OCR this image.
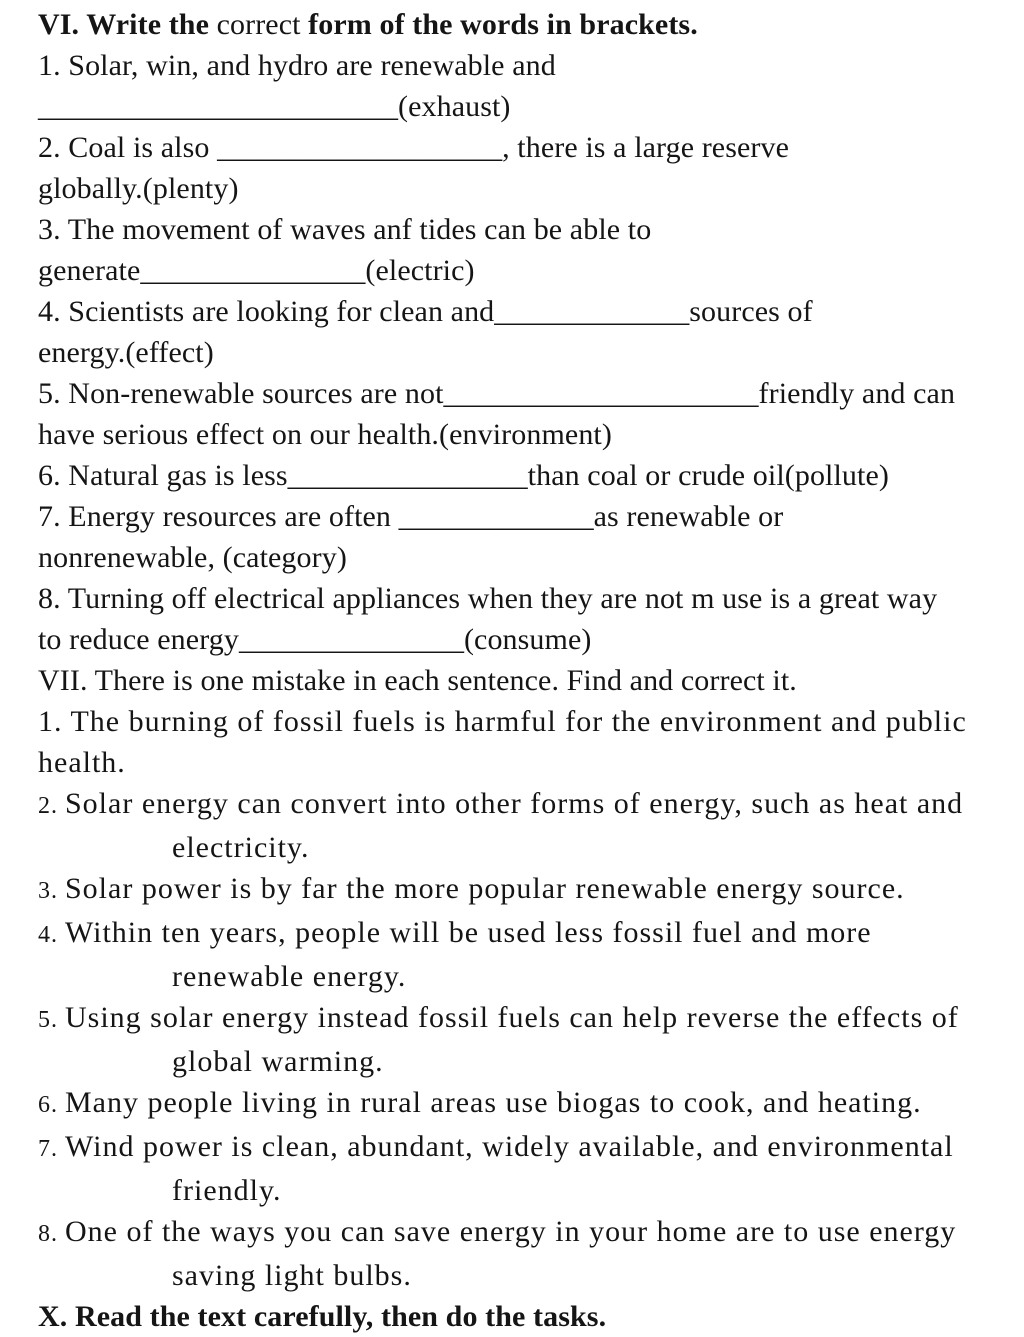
VI. Write the correct form of the words in brackets.
1. Solar, win, and hydro are renewable and
________________________(exhaust)
2. Coal is also ___________________, there is a large reserve
globally.(plenty)
3. The movement of waves anf tides can be able to
generate_______________(electric)
4. Scientists are looking for clean and_____________sources of
energy.(effect)
5. Non-renewable sources are not_____________________friendly and can
have serious effect on our health.(environment)
6. Natural gas is less________________than coal or crude oil(pollute)
7. Energy resources are often _____________as renewable or
nonrenewable, (category)
8. Turning off electrical appliances when they are not m use is a great way
to reduce energy_______________(consume)
VII. There is one mistake in each sentence. Find and correct it.
1. The burning of fossil fuels is harmful for the environment and public
health.
2. Solar energy can convert into other forms of energy, such as heat and
electricity.
3. Solar power is by far the more popular renewable energy source.
4. Within ten years, people will be used less fossil fuel and more
renewable energy.
5. Using solar energy instead fossil fuels can help reverse the effects of
global warming.
6. Many people living in rural areas use biogas to cook, and heating.
7. Wind power is clean, abundant, widely available, and environmental
friendly.
8. One of the ways you can save energy in your home are to use energy
saving light bulbs.
X. Read the text carefully, then do the tasks.
